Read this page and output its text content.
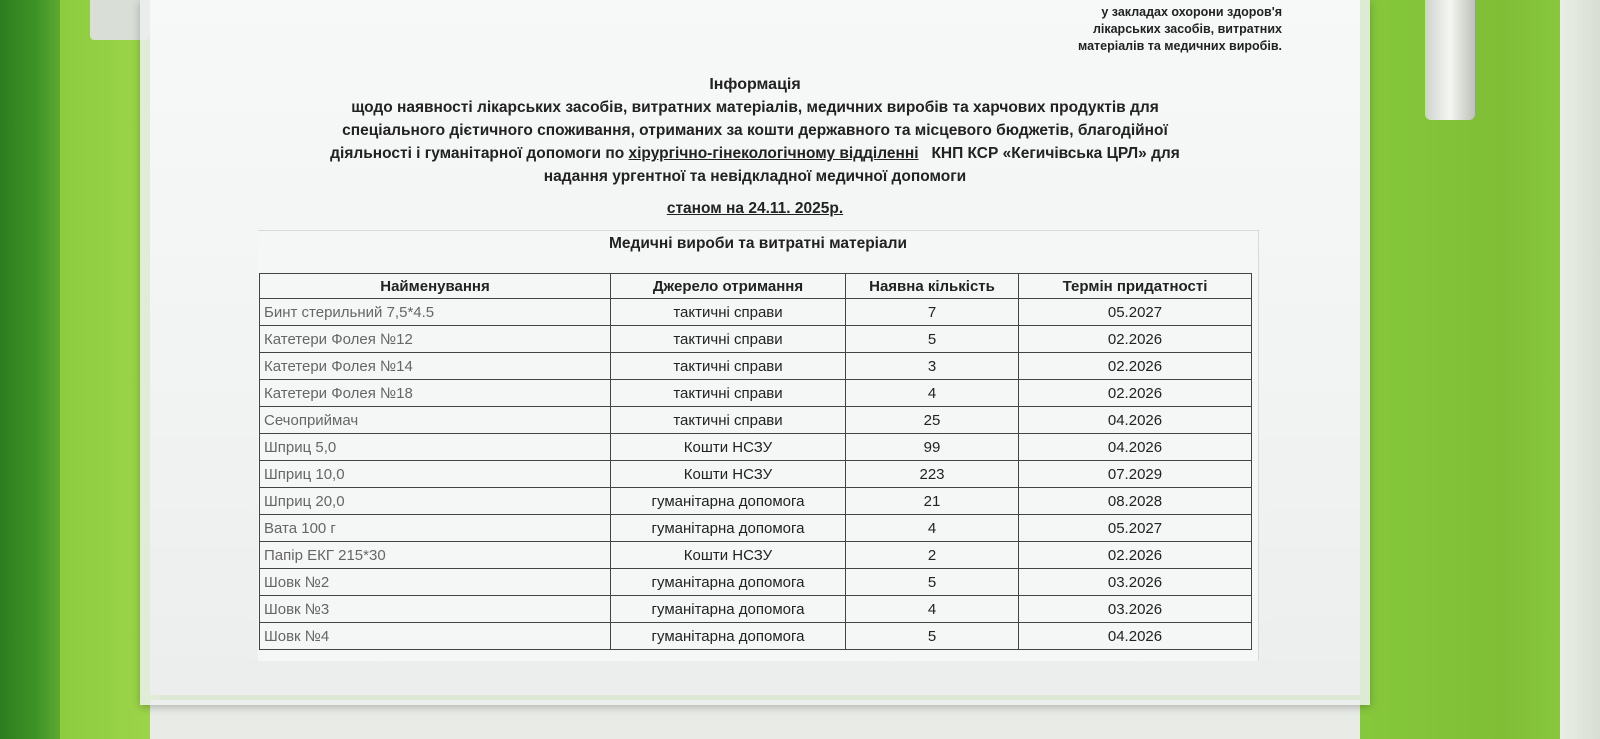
у закладах охорони здоров'я
лікарських засобів, витратних
матеріалів та медичних виробів.
Інформація
щодо наявності лікарських засобів, витратних матеріалів, медичних виробів та харчових продуктів для
спеціального дієтичного споживання, отриманих за кошти державного та місцевого бюджетів, благодійної
діяльності і гуманітарної допомоги по хірургічно-гінекологічному відділенні КНП КСР «Кегичівська ЦРЛ» для
надання ургентної та невідкладної медичної допомоги
станом на 24.11. 2025р.
Медичні вироби та витратні матеріали
Найменування	Джерело отримання	Наявна кількість	Термін придатності
Бинт стерильний 7,5*4.5	тактичні справи	7	05.2027
Катетери Фолея №12	тактичні справи	5	02.2026
Катетери Фолея №14	тактичні справи	3	02.2026
Катетери Фолея №18	тактичні справи	4	02.2026
Сечоприймач	тактичні справи	25	04.2026
Шприц 5,0	Кошти НСЗУ	99	04.2026
Шприц 10,0	Кошти НСЗУ	223	07.2029
Шприц 20,0	гуманітарна допомога	21	08.2028
Вата 100 г	гуманітарна допомога	4	05.2027
Папір ЕКГ 215*30	Кошти НСЗУ	2	02.2026
Шовк №2	гуманітарна допомога	5	03.2026
Шовк №3	гуманітарна допомога	4	03.2026
Шовк №4	гуманітарна допомога	5	04.2026
